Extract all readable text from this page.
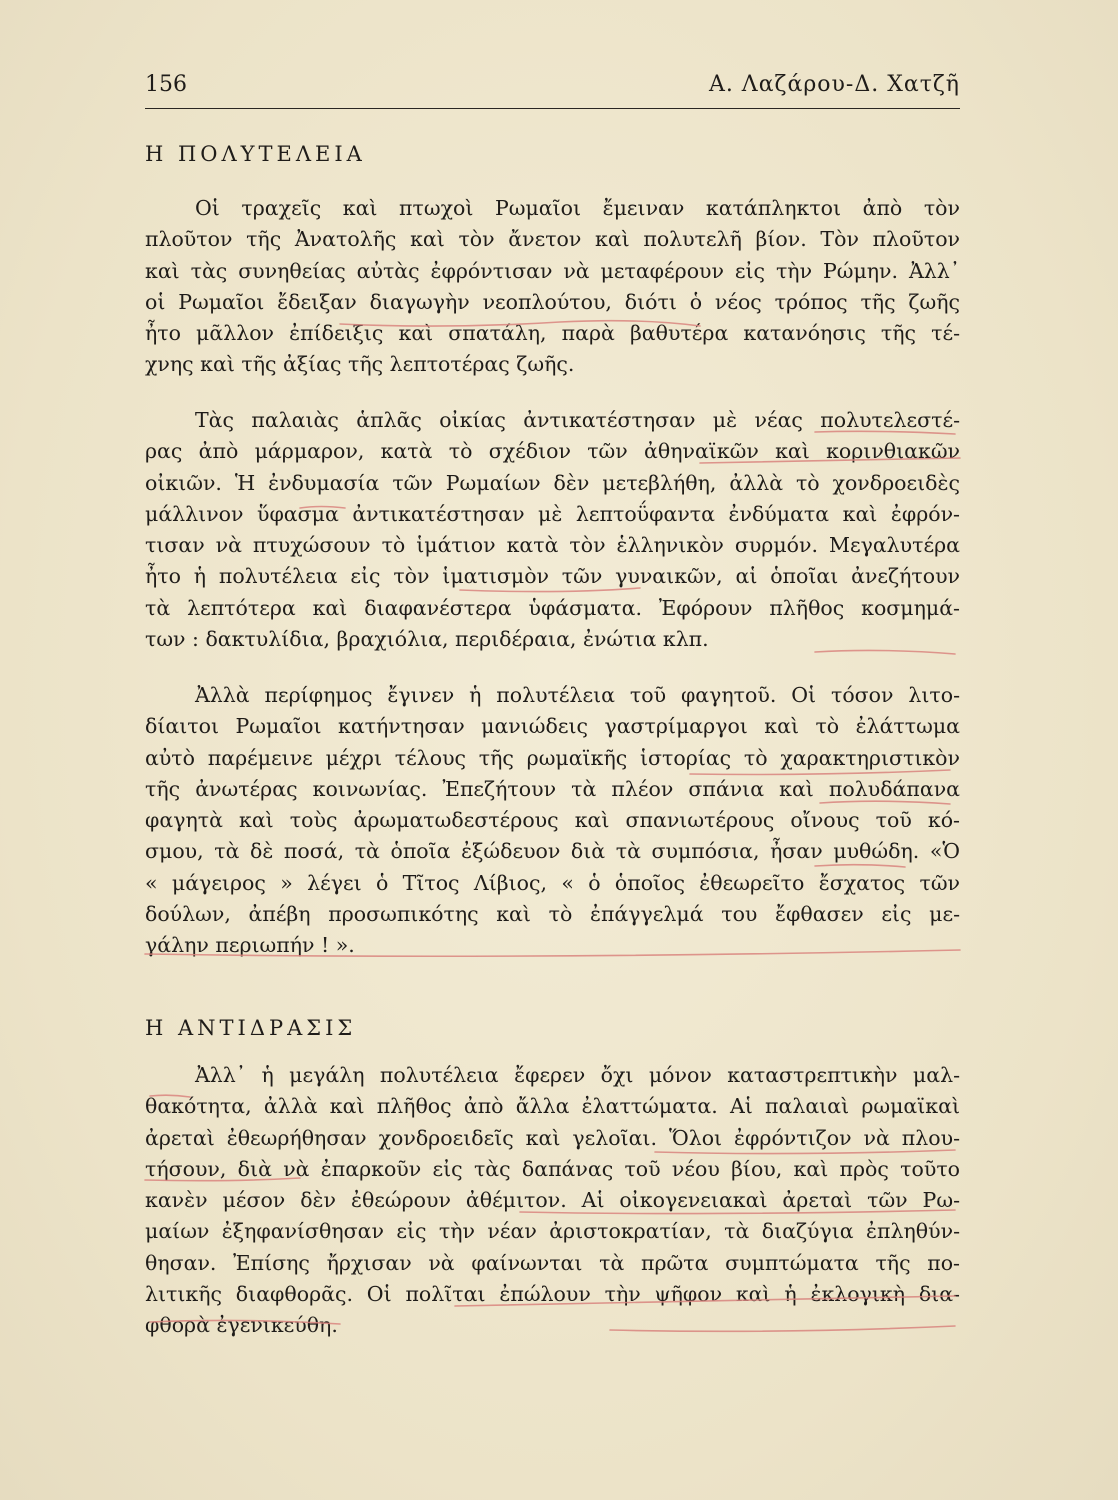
156	Α. Λαζάρου-Δ. Χατζῆ
Η ΠΟΛΥΤΕΛΕΙΑ
Οἱ τραχεῖς καὶ πτωχοὶ Ρωμαῖοι ἔμειναν κατάπληκτοι ἀπὸ τὸν
πλοῦτον τῆς Ἀνατολῆς καὶ τὸν ἄνετον καὶ πολυτελῆ βίον. Τὸν πλοῦτον
καὶ τὰς συνηθείας αὐτὰς ἐφρόντισαν νὰ μεταφέρουν εἰς τὴν Ρώμην. Ἀλλ᾽
οἱ Ρωμαῖοι ἔδειξαν διαγωγὴν νεοπλούτου, διότι ὁ νέος τρόπος τῆς ζωῆς
ἦτο μᾶλλον ἐπίδειξις καὶ σπατάλη, παρὰ βαθυτέρα κατανόησις τῆς τέ-
χνης καὶ τῆς ἀξίας τῆς λεπτοτέρας ζωῆς.
Τὰς παλαιὰς ἁπλᾶς οἰκίας ἀντικατέστησαν μὲ νέας πολυτελεστέ-
ρας ἀπὸ μάρμαρον, κατὰ τὸ σχέδιον τῶν ἀθηναϊκῶν καὶ κορινθιακῶν
οἰκιῶν. Ἡ ἐνδυμασία τῶν Ρωμαίων δὲν μετεβλήθη, ἀλλὰ τὸ χονδροειδὲς
μάλλινον ὕφασμα ἀντικατέστησαν μὲ λεπτοΰφαντα ἐνδύματα καὶ ἐφρόν-
τισαν νὰ πτυχώσουν τὸ ἱμάτιον κατὰ τὸν ἑλληνικὸν συρμόν. Μεγαλυτέρα
ἦτο ἡ πολυτέλεια εἰς τὸν ἱματισμὸν τῶν γυναικῶν, αἱ ὁποῖαι ἀνεζήτουν
τὰ λεπτότερα καὶ διαφανέστερα ὑφάσματα. Ἐφόρουν πλῆθος κοσμημά-
των : δακτυλίδια, βραχιόλια, περιδέραια, ἐνώτια κλπ.
Ἀλλὰ περίφημος ἔγινεν ἡ πολυτέλεια τοῦ φαγητοῦ. Οἱ τόσον λιτο-
δίαιτοι Ρωμαῖοι κατήντησαν μανιώδεις γαστρίμαργοι καὶ τὸ ἐλάττωμα
αὐτὸ παρέμεινε μέχρι τέλους τῆς ρωμαϊκῆς ἱστορίας τὸ χαρακτηριστικὸν
τῆς ἀνωτέρας κοινωνίας. Ἐπεζήτουν τὰ πλέον σπάνια καὶ πολυδάπανα
φαγητὰ καὶ τοὺς ἀρωματωδεστέρους καὶ σπανιωτέρους οἴνους τοῦ κό-
σμου, τὰ δὲ ποσά, τὰ ὁποῖα ἐξώδευον διὰ τὰ συμπόσια, ἦσαν μυθώδη. «Ὁ
« μάγειρος » λέγει ὁ Τῖτος Λίβιος, « ὁ ὁποῖος ἐθεωρεῖτο ἔσχατος τῶν
δούλων, ἀπέβη προσωπικότης καὶ τὸ ἐπάγγελμά του ἔφθασεν εἰς με-
γάλην περιωπήν ! ».
Η ΑΝΤΙΔΡΑΣΙΣ
Ἀλλ᾽ ἡ μεγάλη πολυτέλεια ἔφερεν ὄχι μόνον καταστρεπτικὴν μαλ-
θακότητα, ἀλλὰ καὶ πλῆθος ἀπὸ ἄλλα ἐλαττώματα. Αἱ παλαιαὶ ρωμαϊκαὶ
ἀρεταὶ ἐθεωρήθησαν χονδροειδεῖς καὶ γελοῖαι. Ὅλοι ἐφρόντιζον νὰ πλου-
τήσουν, διὰ νὰ ἐπαρκοῦν εἰς τὰς δαπάνας τοῦ νέου βίου, καὶ πρὸς τοῦτο
κανὲν μέσον δὲν ἐθεώρουν ἀθέμιτον. Αἱ οἰκογενειακαὶ ἀρεταὶ τῶν Ρω-
μαίων ἐξηφανίσθησαν εἰς τὴν νέαν ἀριστοκρατίαν, τὰ διαζύγια ἐπληθύν-
θησαν. Ἐπίσης ἤρχισαν νὰ φαίνωνται τὰ πρῶτα συμπτώματα τῆς πο-
λιτικῆς διαφθορᾶς. Οἱ πολῖται ἐπώλουν τὴν ψῆφον καὶ ἡ ἐκλογικὴ δια-
φθορὰ ἐγενικεύθη.
